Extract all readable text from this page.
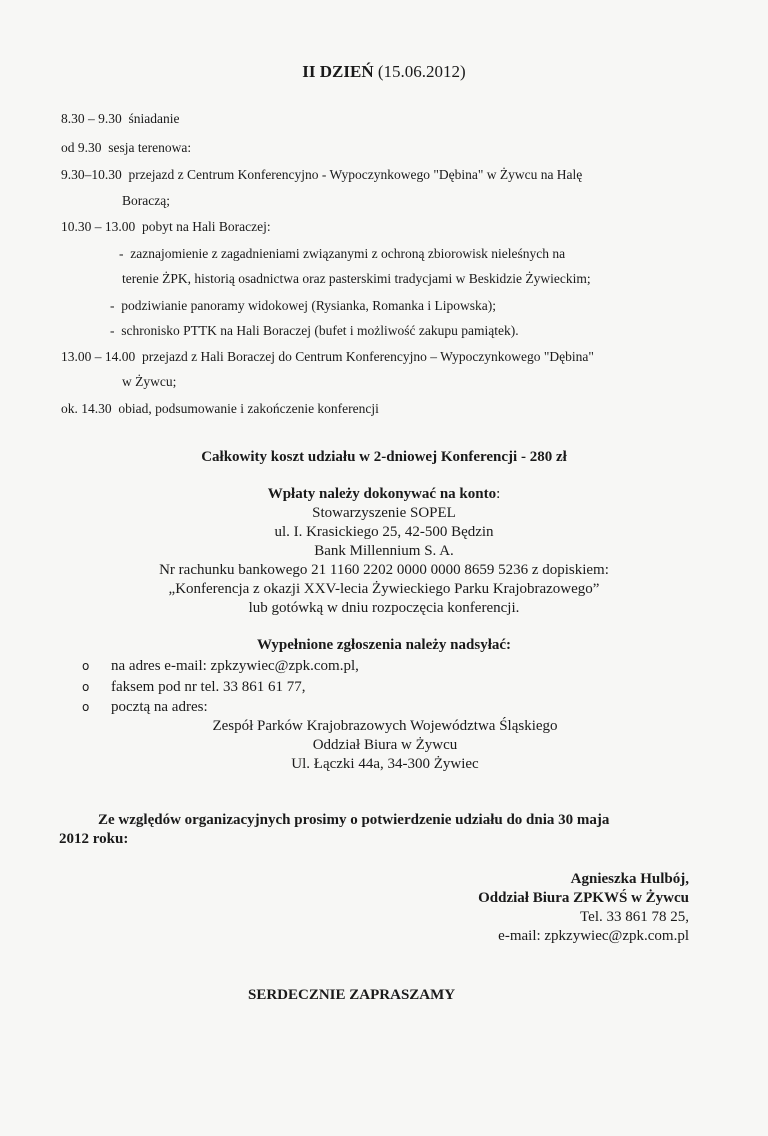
II DZIEŃ (15.06.2012)
8.30 – 9.30 śniadanie
od 9.30 sesja terenowa:
9.30–10.30 przejazd z Centrum Konferencyjno - Wypoczynkowego "Dębina" w Żywcu na Halę
Boraczą;
10.30 – 13.00 pobyt na Hali Boraczej:
- zaznajomienie z zagadnieniami związanymi z ochroną zbiorowisk nieleśnych na
terenie ŻPK, historią osadnictwa oraz pasterskimi tradycjami w Beskidzie Żywieckim;
- podziwianie panoramy widokowej (Rysianka, Romanka i Lipowska);
- schronisko PTTK na Hali Boraczej (bufet i możliwość zakupu pamiątek).
13.00 – 14.00 przejazd z Hali Boraczej do Centrum Konferencyjno – Wypoczynkowego "Dębina"
w Żywcu;
ok. 14.30 obiad, podsumowanie i zakończenie konferencji
Całkowity koszt udziału w 2-dniowej Konferencji - 280 zł
Wpłaty należy dokonywać na konto:
Stowarzyszenie SOPEL
ul. I. Krasickiego 25, 42-500 Będzin
Bank Millennium S. A.
Nr rachunku bankowego 21 1160 2202 0000 0000 8659 5236 z dopiskiem:
„Konferencja z okazji XXV-lecia Żywieckiego Parku Krajobrazowego”
lub gotówką w dniu rozpoczęcia konferencji.
Wypełnione zgłoszenia należy nadsyłać:
o na adres e-mail: zpkzywiec@zpk.com.pl,
o faksem pod nr tel. 33 861 61 77,
o pocztą na adres:
Zespół Parków Krajobrazowych Województwa Śląskiego
Oddział Biura w Żywcu
Ul. Łączki 44a, 34-300 Żywiec
Ze względów organizacyjnych prosimy o potwierdzenie udziału do dnia 30 maja
2012 roku:
Agnieszka Hulbój,
Oddział Biura ZPKWŚ w Żywcu
Tel. 33 861 78 25,
e-mail: zpkzywiec@zpk.com.pl
SERDECZNIE ZAPRASZAMY
